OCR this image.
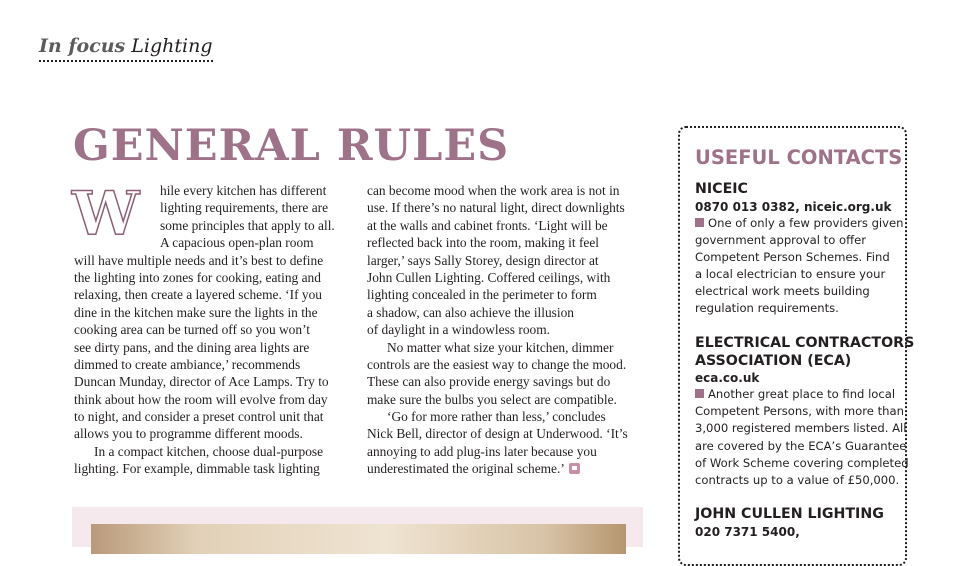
In focus Lighting
GENERAL RULES
W	hile every kitchen has different
lighting requirements, there are
some principles that apply to all.
A capacious open-plan room
will have multiple needs and it’s best to define
the lighting into zones for cooking, eating and
relaxing, then create a layered scheme. ‘If you
dine in the kitchen make sure the lights in the
cooking area can be turned off so you won’t
see dirty pans, and the dining area lights are
dimmed to create ambiance,’ recommends
Duncan Munday, director of Ace Lamps. Try to
think about how the room will evolve from day
to night, and consider a preset control unit that
allows you to programme different moods.
In a compact kitchen, choose dual-purpose
lighting. For example, dimmable task lighting
can become mood when the work area is not in
use. If there’s no natural light, direct downlights
at the walls and cabinet fronts. ‘Light will be
reflected back into the room, making it feel
larger,’ says Sally Storey, design director at
John Cullen Lighting. Coffered ceilings, with
lighting concealed in the perimeter to form
a shadow, can also achieve the illusion
of daylight in a windowless room.
No matter what size your kitchen, dimmer
controls are the easiest way to change the mood.
These can also provide energy savings but do
make sure the bulbs you select are compatible.
‘Go for more rather than less,’ concludes
Nick Bell, director of design at Underwood. ‘It’s
annoying to add plug-ins later because you
underestimated the original scheme.’
USEFUL CONTACTS
NICEIC
0870 013 0382, niceic.org.uk
One of only a few providers given
government approval to offer
Competent Person Schemes. Find
a local electrician to ensure your
electrical work meets building
regulation requirements.
ELECTRICAL CONTRACTORS
ASSOCIATION (ECA)
eca.co.uk
Another great place to find local
Competent Persons, with more than
3,000 registered members listed. All
are covered by the ECA’s Guarantee
of Work Scheme covering completed
contracts up to a value of £50,000.
JOHN CULLEN LIGHTING
020 7371 5400,
